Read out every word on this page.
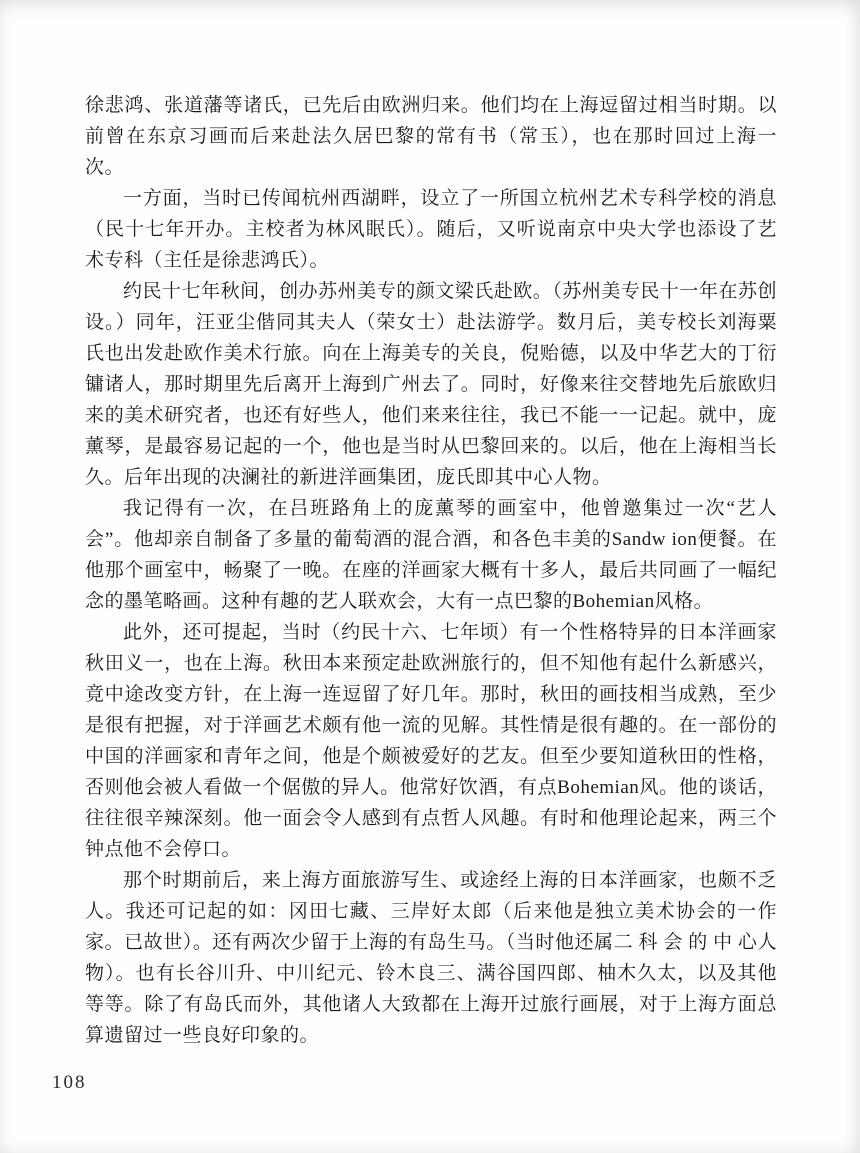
徐悲鸿、张道藩等诸氏，已先后由欧洲归来。他们均在上海逗留过相当时期。以前曾在东京习画而后来赴法久居巴黎的常有书（常玉），也在那时回过上海一次。

一方面，当时已传闻杭州西湖畔，设立了一所国立杭州艺术专科学校的消息（民十七年开办。主校者为林风眠氏）。随后，又听说南京中央大学也添设了艺术专科（主任是徐悲鸿氏）。

约民十七年秋间，创办苏州美专的颜文梁氏赴欧。（苏州美专民十一年在苏创设。）同年，汪亚尘偕同其夫人（荣女士）赴法游学。数月后，美专校长刘海粟氏也出发赴欧作美术行旅。向在上海美专的关良，倪贻德，以及中华艺大的丁衍镛诸人，那时期里先后离开上海到广州去了。同时，好像来往交替地先后旅欧归来的美术研究者，也还有好些人，他们来来往往，我已不能一一记起。就中，庞薰琴，是最容易记起的一个，他也是当时从巴黎回来的。以后，他在上海相当长久。后年出现的决澜社的新进洋画集团，庞氏即其中心人物。

我记得有一次，在吕班路角上的庞薰琴的画室中，他曾邀集过一次“艺人会”。他却亲自制备了多量的葡萄酒的混合酒，和各色丰美的Sandw ion便餐。在他那个画室中，畅聚了一晚。在座的洋画家大概有十多人，最后共同画了一幅纪念的墨笔略画。这种有趣的艺人联欢会，大有一点巴黎的Bohemian风格。

此外，还可提起，当时（约民十六、七年顷）有一个性格特异的日本洋画家秋田义一，也在上海。秋田本来预定赴欧洲旅行的，但不知他有起什么新感兴，竟中途改变方针，在上海一连逗留了好几年。那时，秋田的画技相当成熟，至少是很有把握，对于洋画艺术颇有他一流的见解。其性情是很有趣的。在一部份的中国的洋画家和青年之间，他是个颇被爱好的艺友。但至少要知道秋田的性格，否则他会被人看做一个倨傲的异人。他常好饮酒，有点Bohemian风。他的谈话，往往很辛辣深刻。他一面会令人感到有点哲人风趣。有时和他理论起来，两三个钟点他不会停口。

那个时期前后，来上海方面旅游写生、或途经上海的日本洋画家，也颇不乏人。我还可记起的如：冈田七藏、三岸好太郎（后来他是独立美术协会的一作家。已故世）。还有两次少留于上海的有岛生马。（当时他还属二 科 会 的 中 心人物）。也有长谷川升、中川纪元、铃木良三、满谷国四郎、柚木久太，以及其他等等。除了有岛氏而外，其他诸人大致都在上海开过旅行画展，对于上海方面总算遗留过一些良好印象的。

108
